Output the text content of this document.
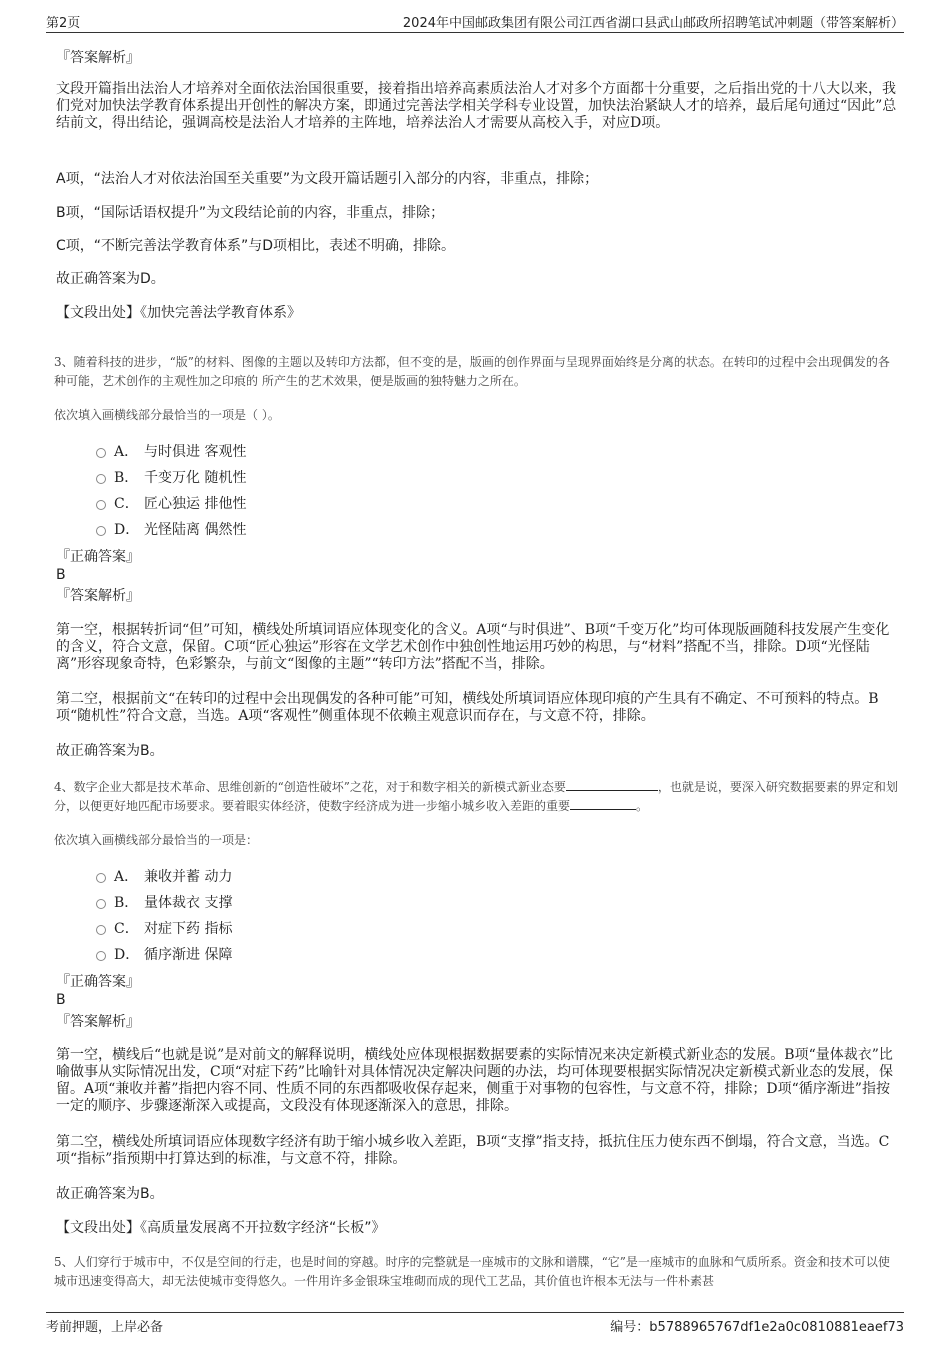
第2页	2024年中国邮政集团有限公司江西省湖口县武山邮政所招聘笔试冲刺题（带答案解析）
『答案解析』
文段开篇指出法治人才培养对全面依法治国很重要，接着指出培养高素质法治人才对多个方面都十分重要，之后指出党的十八大以来，我们党对加快法学教育体系提出开创性的解决方案，即通过完善法学相关学科专业设置，加快法治紧缺人才的培养，最后尾句通过“因此”总结前文，得出结论，强调高校是法治人才培养的主阵地，培养法治人才需要从高校入手，对应D项。
A项，“法治人才对依法治国至关重要”为文段开篇话题引入部分的内容，非重点，排除；
B项，“国际话语权提升”为文段结论前的内容，非重点，排除；
C项，“不断完善法学教育体系”与D项相比，表述不明确，排除。
故正确答案为D。
【文段出处】《加快完善法学教育体系》
3、随着科技的进步，“版”的材料、图像的主题以及转印方法都，但不变的是，版画的创作界面与呈现界面始终是分离的状态。在转印的过程中会出现偶发的各种可能，艺术创作的主观性加之印痕的 所产生的艺术效果，便是版画的独特魅力之所在。
依次填入画横线部分最恰当的一项是（ ）。
A． 与时俱进 客观性
B． 千变万化 随机性
C． 匠心独运 排他性
D． 光怪陆离 偶然性
『正确答案』
B
『答案解析』
第一空，根据转折词“但”可知，横线处所填词语应体现变化的含义。A项“与时俱进”、B项“千变万化”均可体现版画随科技发展产生变化的含义，符合文意，保留。C项“匠心独运”形容在文学艺术创作中独创性地运用巧妙的构思，与“材料”搭配不当，排除。D项“光怪陆离”形容现象奇特，色彩繁杂，与前文“图像的主题”“转印方法”搭配不当，排除。
第二空，根据前文“在转印的过程中会出现偶发的各种可能”可知，横线处所填词语应体现印痕的产生具有不确定、不可预料的特点。B项“随机性”符合文意，当选。A项“客观性”侧重体现不依赖主观意识而存在，与文意不符，排除。
故正确答案为B。
4、数字企业大都是技术革命、思维创新的“创造性破坏”之花，对于和数字相关的新模式新业态要	，也就是说，要深入研究数据要素的界定和划分，以便更好地匹配市场要求。要着眼实体经济，使数字经济成为进一步缩小城乡收入差距的重要	。
依次填入画横线部分最恰当的一项是：
A． 兼收并蓄 动力
B． 量体裁衣 支撑
C． 对症下药 指标
D． 循序渐进 保障
『正确答案』
B
『答案解析』
第一空，横线后“也就是说”是对前文的解释说明，横线处应体现根据数据要素的实际情况来决定新模式新业态的发展。B项“量体裁衣”比喻做事从实际情况出发，C项“对症下药”比喻针对具体情况决定解决问题的办法，均可体现要根据实际情况决定新模式新业态的发展，保留。A项“兼收并蓄”指把内容不同、性质不同的东西都吸收保存起来，侧重于对事物的包容性，与文意不符，排除；D项“循序渐进”指按一定的顺序、步骤逐渐深入或提高，文段没有体现逐渐深入的意思，排除。
第二空，横线处所填词语应体现数字经济有助于缩小城乡收入差距，B项“支撑”指支持，抵抗住压力使东西不倒塌，符合文意，当选。C项“指标”指预期中打算达到的标准，与文意不符，排除。
故正确答案为B。
【文段出处】《高质量发展离不开拉数字经济“长板”》
5、人们穿行于城市中，不仅是空间的行走，也是时间的穿越。时序的完整就是一座城市的文脉和谱牒，“它”是一座城市的血脉和气质所系。资金和技术可以使城市迅速变得高大，却无法使城市变得悠久。一件用许多金银珠宝堆砌而成的现代工艺品，其价值也许根本无法与一件朴素甚
考前押题，上岸必备	编号：b5788965767df1e2a0c0810881eaef73
